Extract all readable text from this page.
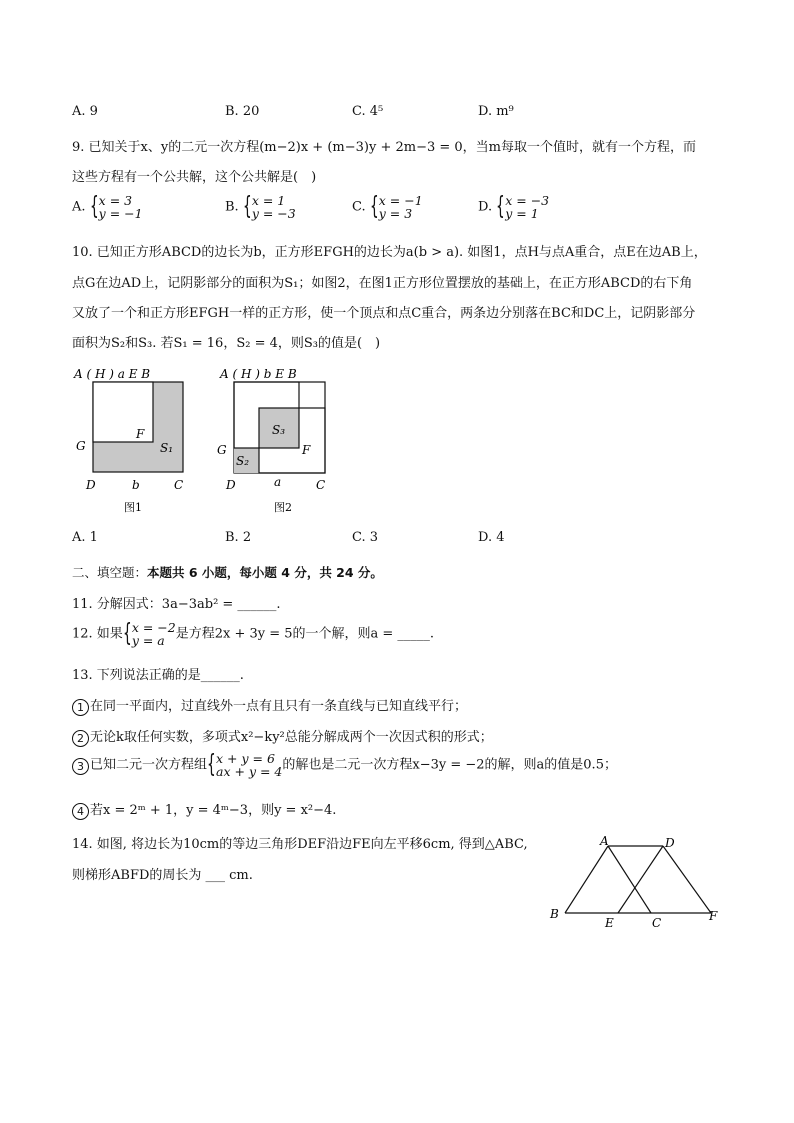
A. 9	B. 20	C. 4⁵	D. m⁹
9. 已知关于x、y的二元一次方程(m−2)x + (m−3)y + 2m−3 = 0，当m每取一个值时，就有一个方程，而
这些方程有一个公共解，这个公共解是(　)
A. { x = 3
y = −1	B. { x = 1
y = −3	C. { x = −1
y = 3	D. { x = −3
y = 1
10. 已知正方形ABCD的边长为b，正方形EFGH的边长为a(b > a). 如图1，点H与点A重合，点E在边AB上，
点G在边AD上，记阴影部分的面积为S₁；如图2，在图1正方形位置摆放的基础上，在正方形ABCD的右下角
又放了一个和正方形EFGH一样的正方形，使一个顶点和点C重合，两条边分别落在BC和DC上，记阴影部分
面积为S₂和S₃. 若S₁ = 16，S₂ = 4，则S₃的值是(　)
A ( H ) a E B
G
F
S₁
D	b	C
图1
A ( H ) b E B
G	F
S₃
S₂
D	a	C
图2
A. 1	B. 2	C. 3	D. 4
二、填空题：本题共 6 小题，每小题 4 分，共 24 分。
11. 分解因式：3a−3ab² = ______.
12. 如果 { x = −2
y = a 是方程2x + 3y = 5的一个解，则a = _____.
13. 下列说法正确的是______.
1 在同一平面内，过直线外一点有且只有一条直线与已知直线平行；
2 无论k取任何实数，多项式x²−ky²总能分解成两个一次因式积的形式；
3 已知二元一次方程组 { x + y = 6
ax + y = 4的解也是二元一次方程x−3y = −2的解，则a的值是0.5；
4 若x = 2ᵐ + 1，y = 4ᵐ−3，则y = x²−4.
14. 如图, 将边长为10cm的等边三角形DEF沿边FE向左平移6cm, 得到△ABC,
则梯形ABFD的周长为 ___ cm.
A	D
B
E	C	F
